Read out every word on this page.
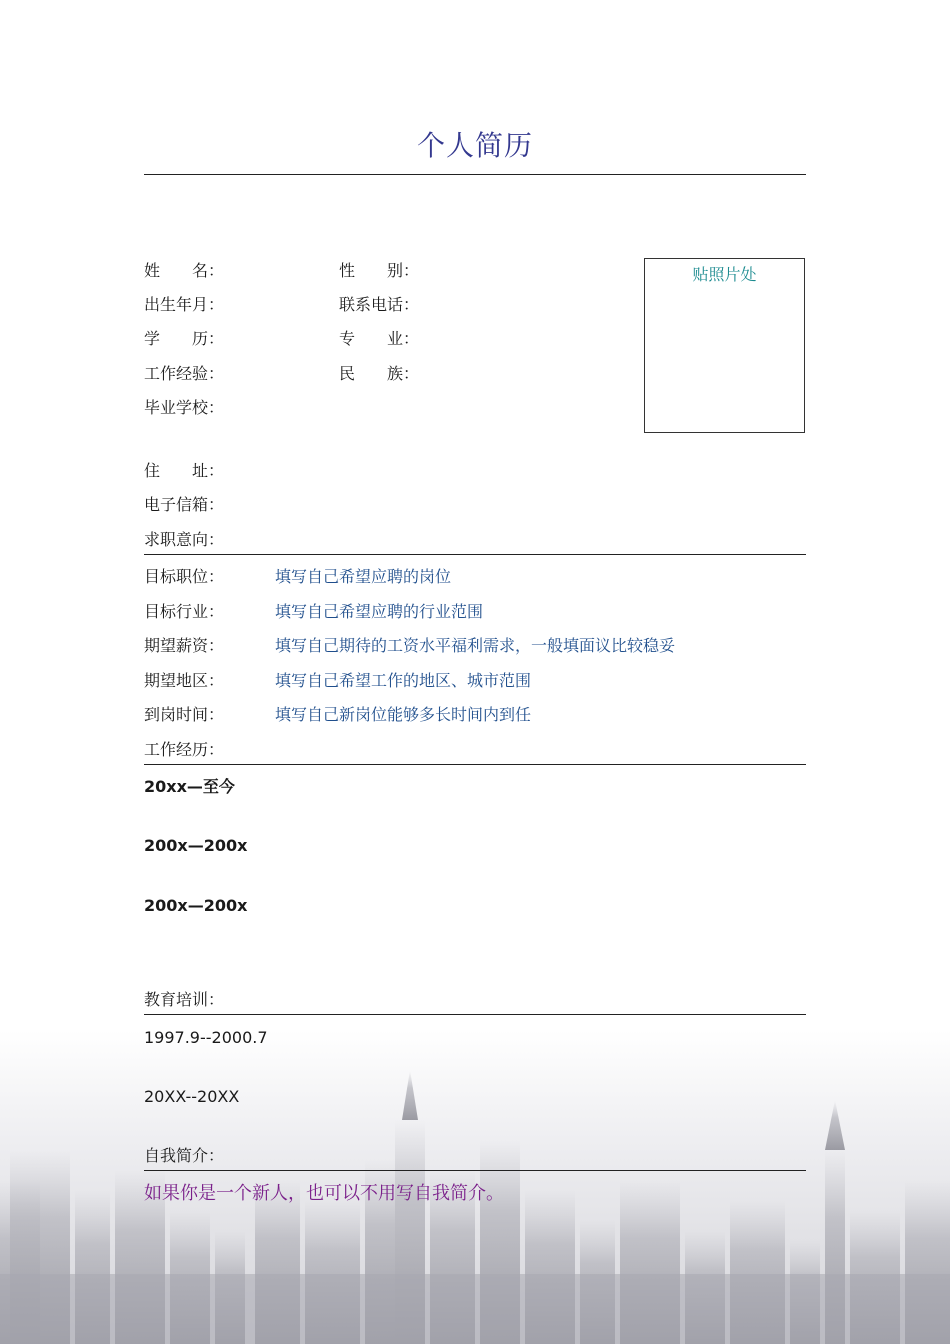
个人简历
姓　　名：	性　　别：
出生年月：	联系电话：
学　　历：	专　　业：
工作经验：	民　　族：
毕业学校：
贴照片处
住　　址：
电子信箱：
求职意向：
目标职位：	填写自己希望应聘的岗位
目标行业：	填写自己希望应聘的行业范围
期望薪资：	填写自己期待的工资水平福利需求，一般填面议比较稳妥
期望地区：	填写自己希望工作的地区、城市范围
到岗时间：	填写自己新岗位能够多长时间内到任
工作经历：
20xx—至今
200x—200x
200x—200x
教育培训：
1997.9--2000.7
20XX--20XX
自我简介：
如果你是一个新人，也可以不用写自我简介。
